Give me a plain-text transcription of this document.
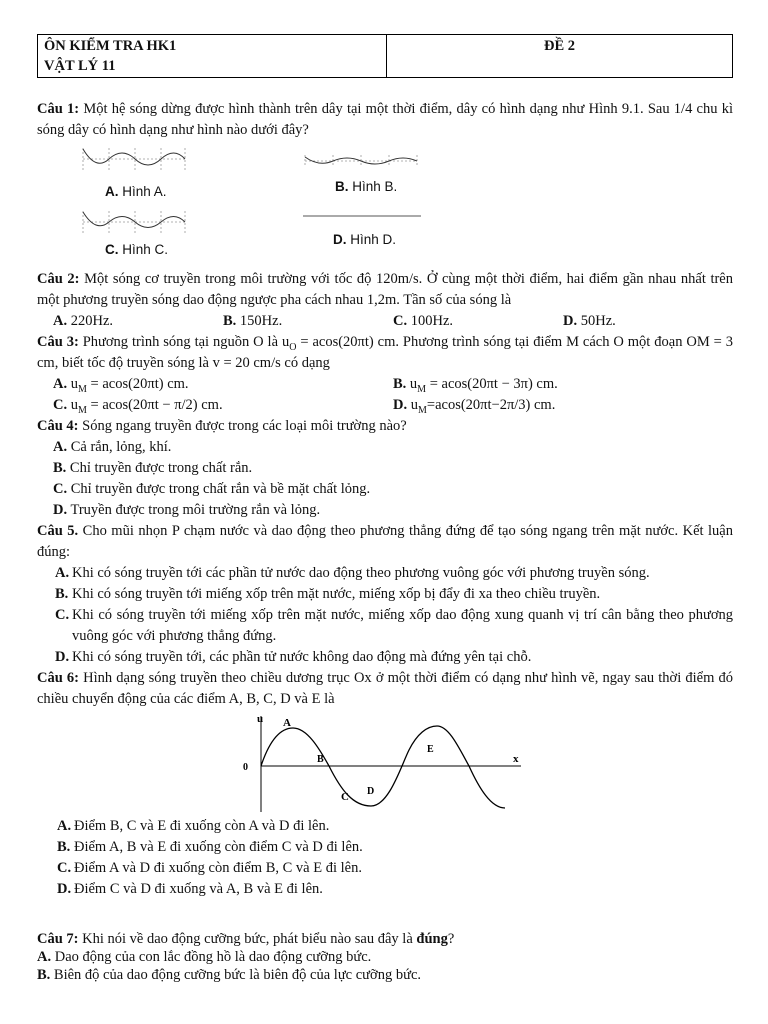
ÔN KIỂM TRA HK1
VẬT LÝ 11
	ĐỀ 2

Câu 1: Một hệ sóng dừng được hình thành trên dây tại một thời điểm, dây có hình dạng như Hình 9.1. Sau 1/4 chu kì sóng dây có hình dạng như hình nào dưới đây?

A. Hình A.	B. Hình B.
C. Hình C.
D. Hình D.

Câu 2: Một sóng cơ truyền trong môi trường với tốc độ 120m/s. Ở cùng một thời điểm, hai điểm gần nhau nhất trên một phương truyền sóng dao động ngược pha cách nhau 1,2m. Tần số của sóng là

A. 220Hz.	B. 150Hz.	C. 100Hz.	D. 50Hz.

Câu 3: Phương trình sóng tại nguồn O là $u_O = acos(20\pi t)$ cm. Phương trình sóng tại điểm M cách O một đoạn OM = 3 cm, biết tốc độ truyền sóng là v = 20 cm/s có dạng

A. $u_M = acos(20\pi t)$ cm.	B. $u_M = acos(20\pi t - 3\pi)$ cm.
C. $u_M = acos(20\pi t - \pi/2)$ cm.	D. $u_M=acos(20\pi t-2\pi/3)$ cm.

Câu 4: Sóng ngang truyền được trong các loại môi trường nào?

A. Cả rắn, lỏng, khí.
B. Chỉ truyền được trong chất rắn.
C. Chỉ truyền được trong chất rắn và bề mặt chất lỏng.
D. Truyền được trong môi trường rắn và lỏng.

Câu 5. Cho mũi nhọn P chạm nước và dao động theo phương thẳng đứng để tạo sóng ngang trên mặt nước. Kết luận đúng:

A. Khi có sóng truyền tới các phần tử nước dao động theo phương vuông góc với phương truyền sóng.
B. Khi có sóng truyền tới miếng xốp trên mặt nước, miếng xốp bị đẩy đi xa theo chiều truyền.
C. Khi có sóng truyền tới miếng xốp trên mặt nước, miếng xốp dao động xung quanh vị trí cân bằng theo phương vuông góc với phương thẳng đứng.
D. Khi có sóng truyền tới, các phần tử nước không dao động mà đứng yên tại chỗ.

Câu 6: Hình dạng sóng truyền theo chiều dương trục Ox ở một thời điểm có dạng như hình vẽ, ngay sau thời điểm đó chiều chuyển động của các điểm A, B, C, D và E là

u
x
0
A
B
C D
E
A. Điểm B, C và E đi xuống còn A và D đi lên.
B. Điểm A, B và E đi xuống còn điểm C và D đi lên.
C. Điểm A và D đi xuống còn điểm B, C và E đi lên.
D. Điểm C và D đi xuống và A, B và E đi lên.

Câu 7: Khi nói về dao động cưỡng bức, phát biểu nào sau đây là đúng?

A. Dao động của con lắc đồng hồ là dao động cưỡng bức.
B. Biên độ của dao động cưỡng bức là biên độ của lực cưỡng bức.
